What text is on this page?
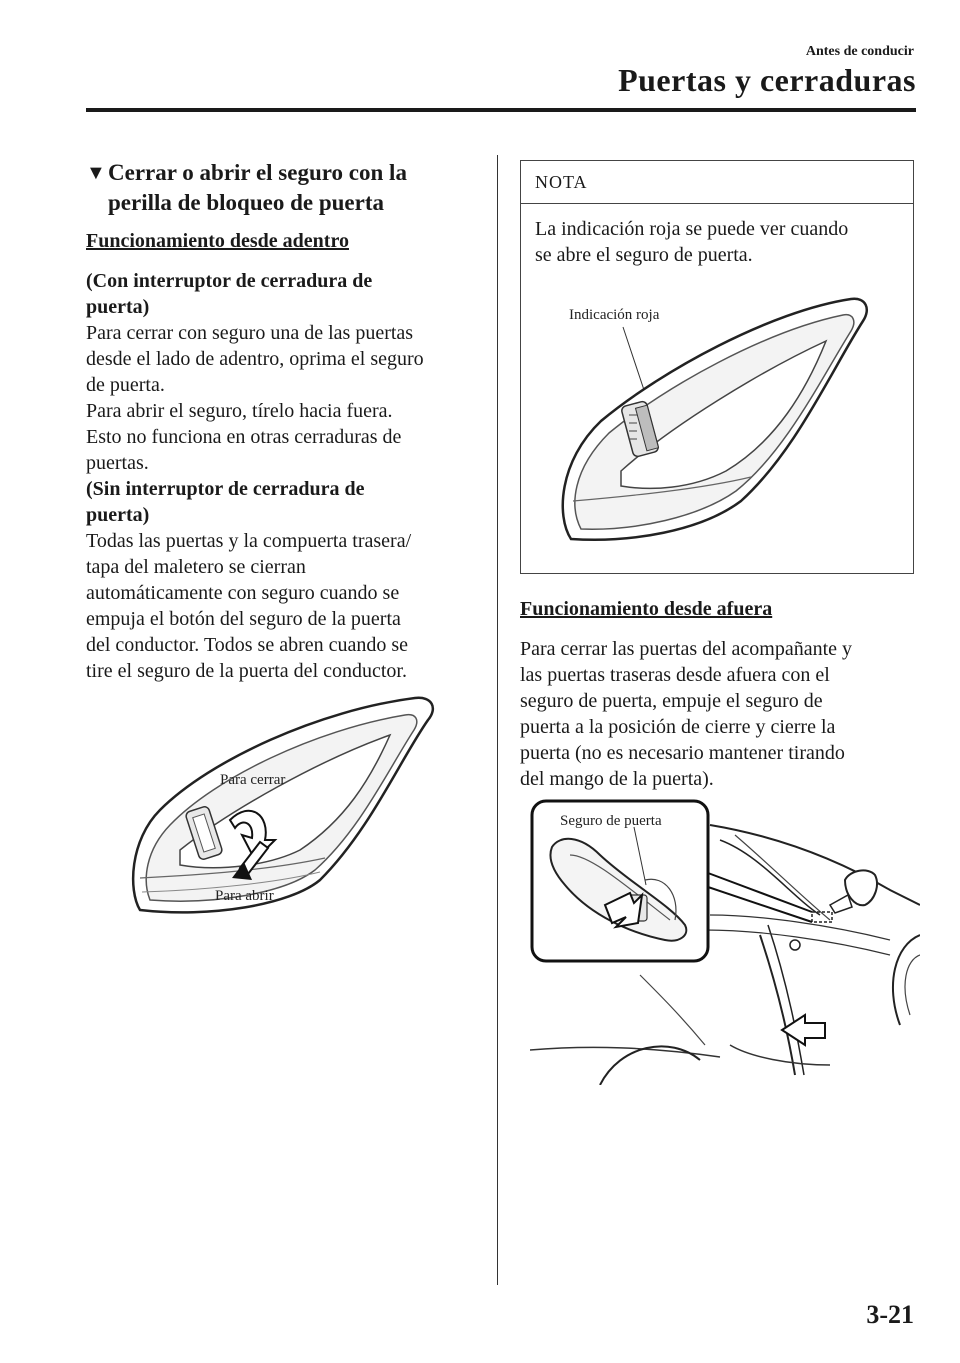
Antes de conducir
Puertas y cerraduras
▼ Cerrar o abrir el seguro con la
perilla de bloqueo de puerta

Funcionamiento desde adentro

(Con interruptor de cerradura de

puerta)

Para cerrar con seguro una de las puertas

desde el lado de adentro, oprima el seguro

de puerta.

Para abrir el seguro, tírelo hacia fuera.

Esto no funciona en otras cerraduras de

puertas.

(Sin interruptor de cerradura de

puerta)

Todas las puertas y la compuerta trasera/

tapa del maletero se cierran

automáticamente con seguro cuando se

empuja el botón del seguro de la puerta

del conductor. Todos se abren cuando se

tire el seguro de la puerta del conductor.

Para cerrar
Para abrir
NOTA

La indicación roja se puede ver cuando

se abre el seguro de puerta.

Indicación roja

Funcionamiento desde afuera

Para cerrar las puertas del acompañante y

las puertas traseras desde afuera con el

seguro de puerta, empuje el seguro de

puerta a la posición de cierre y cierre la

puerta (no es necesario mantener tirando

del mango de la puerta).

Seguro de puerta
3-21
